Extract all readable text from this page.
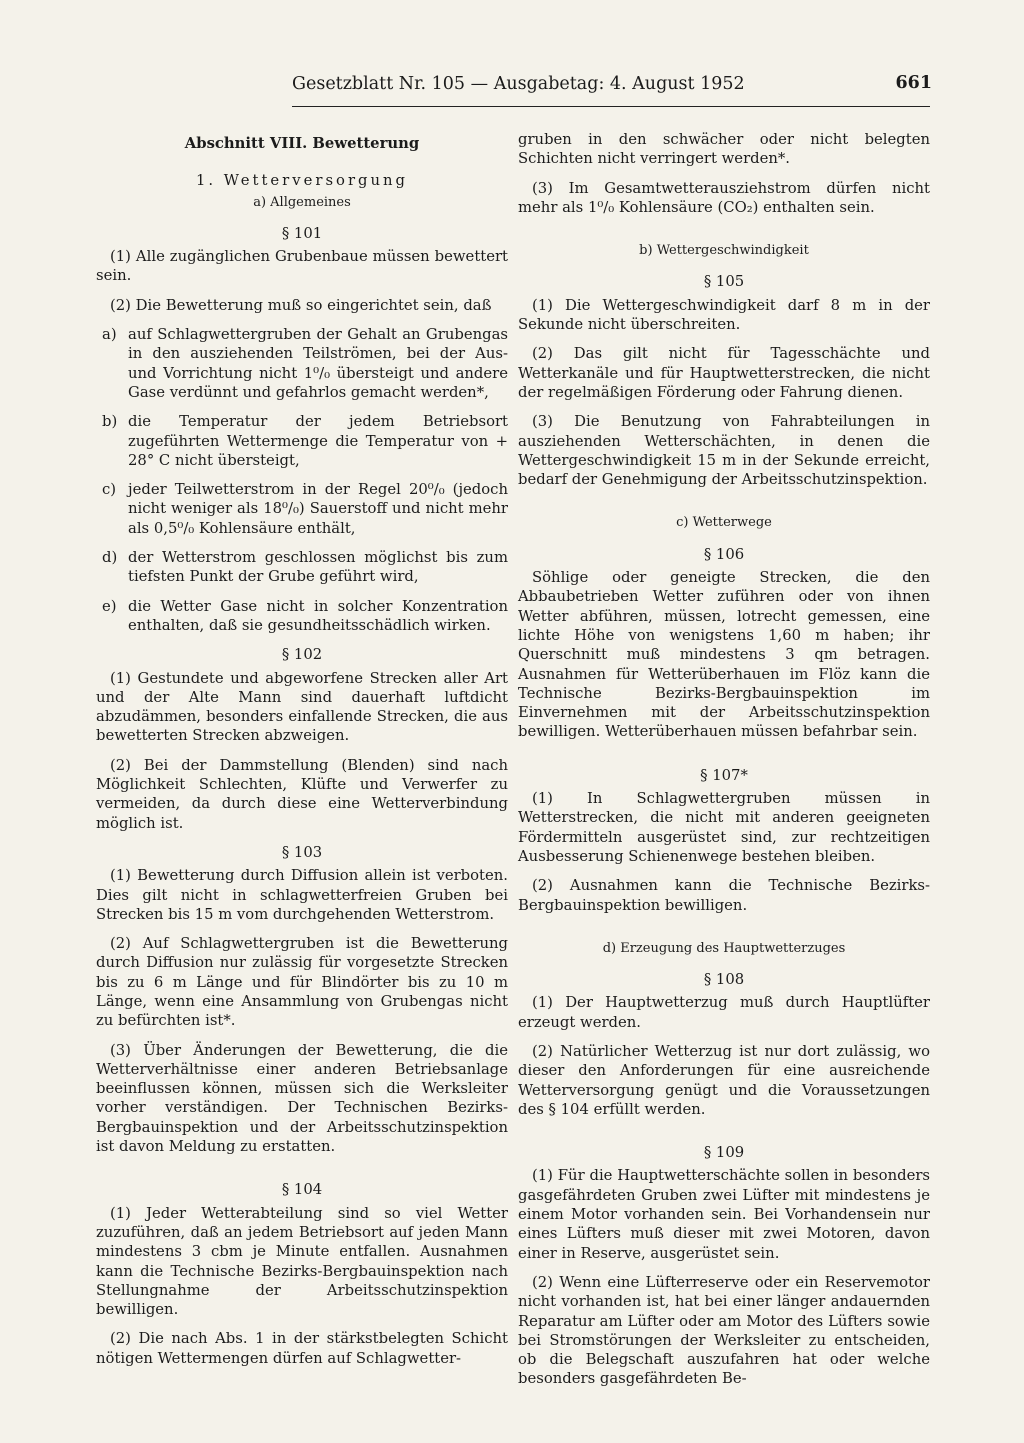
Gesetzblatt Nr. 105 — Ausgabetag: 4. August 1952	661
Abschnitt VIII. Bewetterung
1. Wetterversorgung
a) Allgemeines
§ 101

(1) Alle zugänglichen Grubenbaue müssen bewettert sein.

(2) Die Bewetterung muß so eingerichtet sein, daß

a) auf Schlagwettergruben der Gehalt an Grubengas in den ausziehenden Teilströmen, bei der Aus- und Vorrichtung nicht 1⁰/₀ übersteigt und andere Gase verdünnt und gefahrlos gemacht werden*,
b) die Temperatur der jedem Betriebsort zugeführten Wettermenge die Temperatur von + 28° C nicht übersteigt,
c) jeder Teilwetterstrom in der Regel 20⁰/₀ (jedoch nicht weniger als 18⁰/₀) Sauerstoff und nicht mehr als 0,5⁰/₀ Kohlensäure enthält,
d) der Wetterstrom geschlossen möglichst bis zum tiefsten Punkt der Grube geführt wird,
e) die Wetter Gase nicht in solcher Konzentration enthalten, daß sie gesundheitsschädlich wirken.
§ 102

(1) Gestundete und abgeworfene Strecken aller Art und der Alte Mann sind dauerhaft luftdicht abzudämmen, besonders einfallende Strecken, die aus bewetterten Strecken abzweigen.

(2) Bei der Dammstellung (Blenden) sind nach Möglichkeit Schlechten, Klüfte und Verwerfer zu vermeiden, da durch diese eine Wetterverbindung möglich ist.

§ 103

(1) Bewetterung durch Diffusion allein ist verboten. Dies gilt nicht in schlagwetterfreien Gruben bei Strecken bis 15 m vom durchgehenden Wetterstrom.

(2) Auf Schlagwettergruben ist die Bewetterung durch Diffusion nur zulässig für vorgesetzte Strecken bis zu 6 m Länge und für Blindörter bis zu 10 m Länge, wenn eine Ansammlung von Grubengas nicht zu befürchten ist*.

(3) Über Änderungen der Bewetterung, die die Wetterverhältnisse einer anderen Betriebsanlage beeinflussen können, müssen sich die Werksleiter vorher verständigen. Der Technischen Bezirks-Bergbauinspektion und der Arbeitsschutzinspektion ist davon Meldung zu erstatten.

§ 104

(1) Jeder Wetterabteilung sind so viel Wetter zuzuführen, daß an jedem Betriebsort auf jeden Mann mindestens 3 cbm je Minute entfallen. Ausnahmen kann die Technische Bezirks-Bergbauinspektion nach Stellungnahme der Arbeitsschutzinspektion bewilligen.

(2) Die nach Abs. 1 in der stärkstbelegten Schicht nötigen Wettermengen dürfen auf Schlagwetter-

gruben in den schwächer oder nicht belegten Schichten nicht verringert werden*.

(3) Im Gesamtwetterausziehstrom dürfen nicht mehr als 1⁰/₀ Kohlensäure (CO₂) enthalten sein.

b) Wettergeschwindigkeit
§ 105

(1) Die Wettergeschwindigkeit darf 8 m in der Sekunde nicht überschreiten.

(2) Das gilt nicht für Tagesschächte und Wetterkanäle und für Hauptwetterstrecken, die nicht der regelmäßigen Förderung oder Fahrung dienen.

(3) Die Benutzung von Fahrabteilungen in ausziehenden Wetterschächten, in denen die Wettergeschwindigkeit 15 m in der Sekunde erreicht, bedarf der Genehmigung der Arbeitsschutzinspektion.

c) Wetterwege
§ 106

Söhlige oder geneigte Strecken, die den Abbaubetrieben Wetter zuführen oder von ihnen Wetter abführen, müssen, lotrecht gemessen, eine lichte Höhe von wenigstens 1,60 m haben; ihr Querschnitt muß mindestens 3 qm betragen. Ausnahmen für Wetterüberhauen im Flöz kann die Technische Bezirks-Bergbauinspektion im Einvernehmen mit der Arbeitsschutzinspektion bewilligen. Wetterüberhauen müssen befahrbar sein.

§ 107*

(1) In Schlagwettergruben müssen in Wetterstrecken, die nicht mit anderen geeigneten Fördermitteln ausgerüstet sind, zur rechtzeitigen Ausbesserung Schienenwege bestehen bleiben.

(2) Ausnahmen kann die Technische Bezirks-Bergbauinspektion bewilligen.

d) Erzeugung des Hauptwetterzuges
§ 108

(1) Der Hauptwetterzug muß durch Hauptlüfter erzeugt werden.

(2) Natürlicher Wetterzug ist nur dort zulässig, wo dieser den Anforderungen für eine ausreichende Wetterversorgung genügt und die Voraussetzungen des § 104 erfüllt werden.

§ 109

(1) Für die Hauptwetterschächte sollen in besonders gasgefährdeten Gruben zwei Lüfter mit mindestens je einem Motor vorhanden sein. Bei Vorhandensein nur eines Lüfters muß dieser mit zwei Motoren, davon einer in Reserve, ausgerüstet sein.

(2) Wenn eine Lüfterreserve oder ein Reservemotor nicht vorhanden ist, hat bei einer länger andauernden Reparatur am Lüfter oder am Motor des Lüfters sowie bei Stromstörungen der Werksleiter zu entscheiden, ob die Belegschaft auszufahren hat oder welche besonders gasgefährdeten Be-
